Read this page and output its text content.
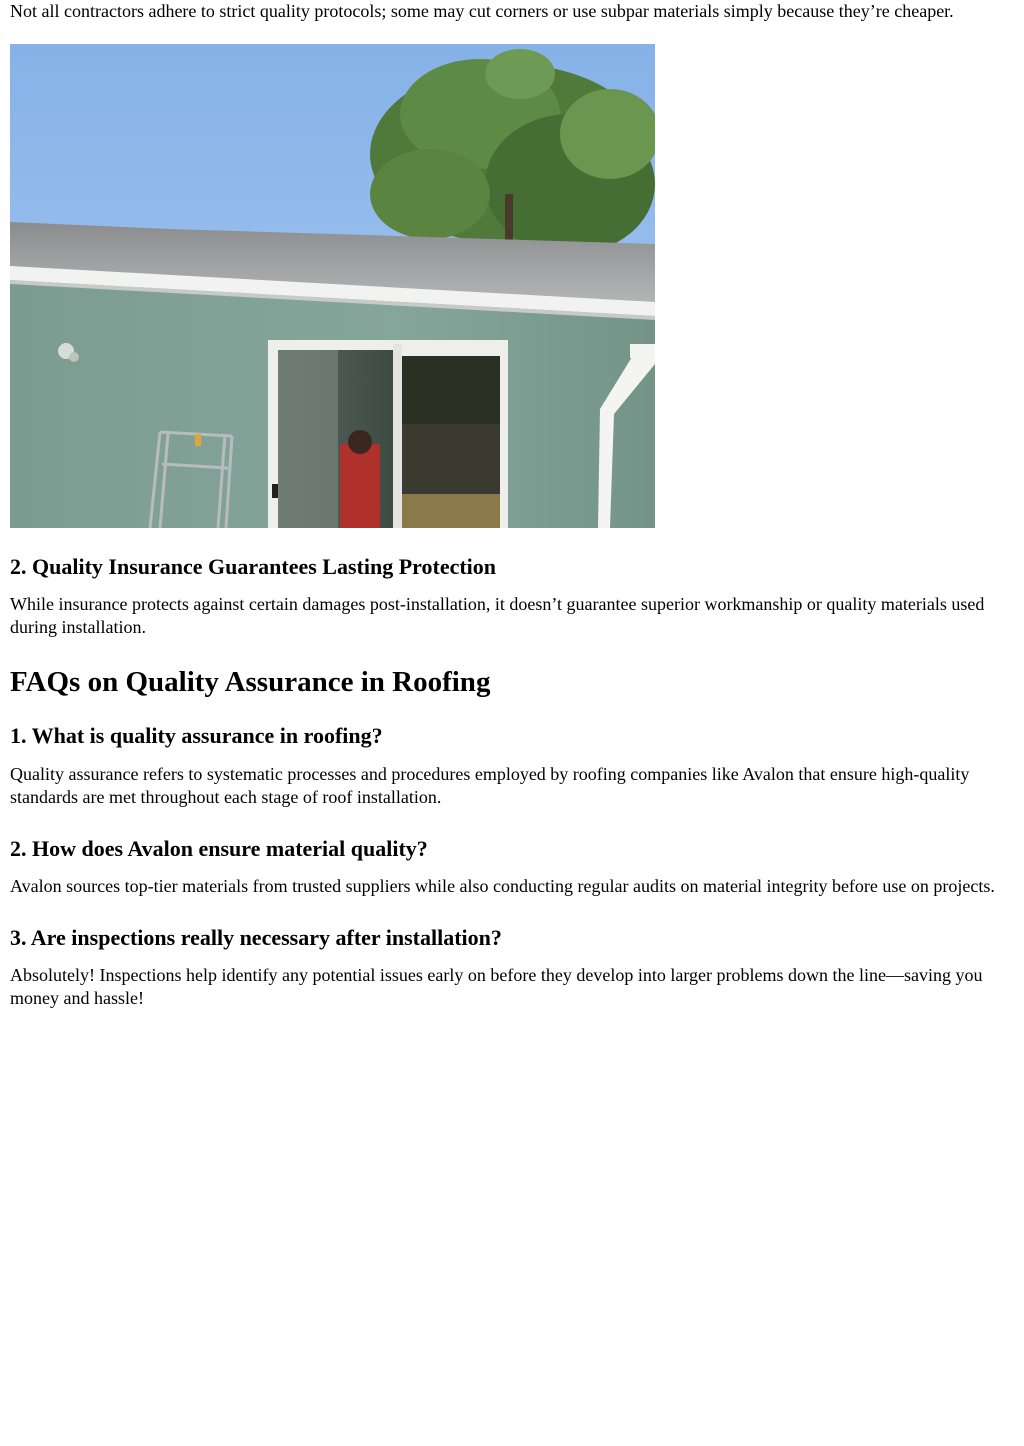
Not all contractors adhere to strict quality protocols; some may cut corners or use subpar materials simply because they’re cheaper.

2. Quality Insurance Guarantees Lasting Protection

While insurance protects against certain damages post-installation, it doesn’t guarantee superior workmanship or quality materials used during installation.

FAQs on Quality Assurance in Roofing
1. What is quality assurance in roofing?

Quality assurance refers to systematic processes and procedures employed by roofing companies like Avalon that ensure high-quality standards are met throughout each stage of roof installation.

2. How does Avalon ensure material quality?

Avalon sources top-tier materials from trusted suppliers while also conducting regular audits on material integrity before use on projects.

3. Are inspections really necessary after installation?

Absolutely! Inspections help identify any potential issues early on before they develop into larger problems down the line—saving you money and hassle!
